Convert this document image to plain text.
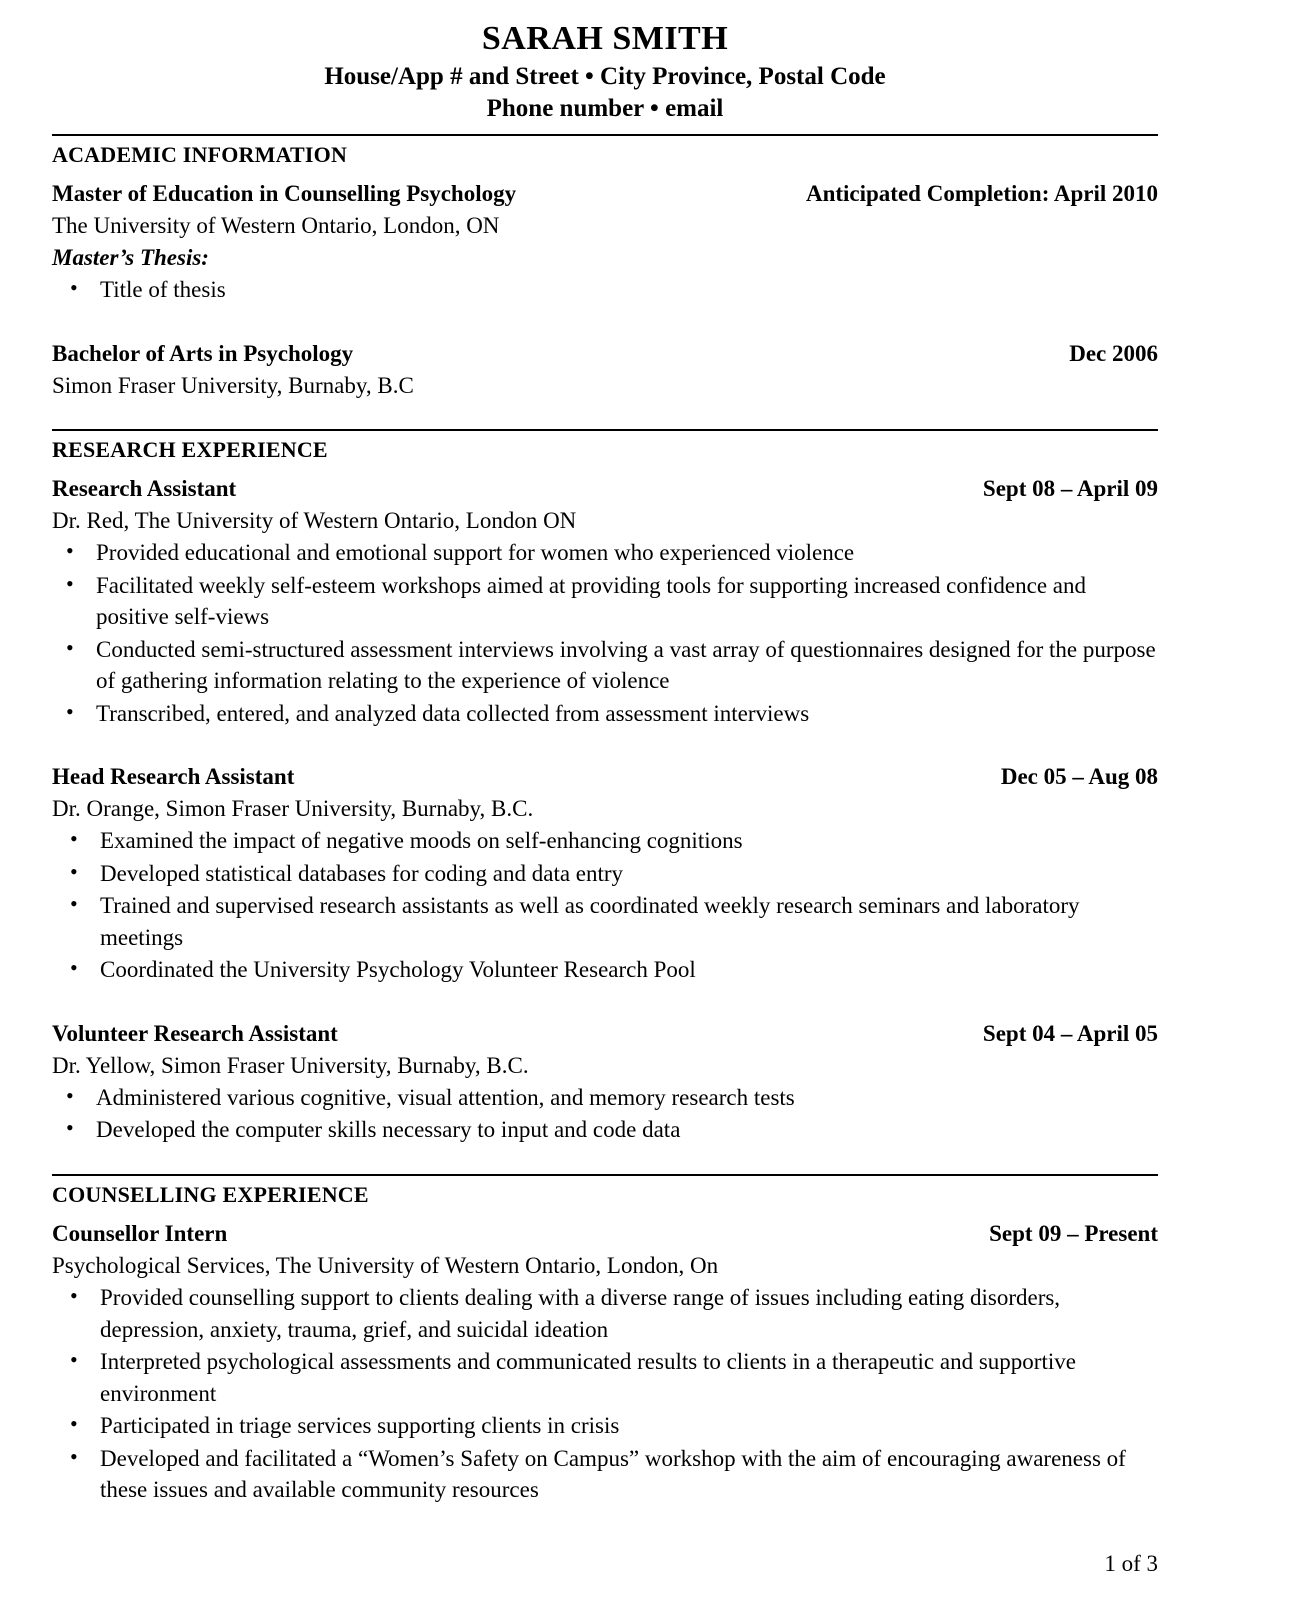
SARAH SMITH
House/App # and Street • City Province, Postal Code
Phone number • email
ACADEMIC INFORMATION
Master of Education in Counselling Psychology	Anticipated Completion: April 2010
The University of Western Ontario, London, ON
Master’s Thesis:
• Title of thesis
Bachelor of Arts in Psychology	Dec 2006
Simon Fraser University, Burnaby, B.C
RESEARCH EXPERIENCE
Research Assistant	Sept 08 – April 09
Dr. Red, The University of Western Ontario, London ON
• Provided educational and emotional support for women who experienced violence
• Facilitated weekly self-esteem workshops aimed at providing tools for supporting increased confidence and positive self-views
• Conducted semi-structured assessment interviews involving a vast array of questionnaires designed for the purpose of gathering information relating to the experience of violence
• Transcribed, entered, and analyzed data collected from assessment interviews
Head Research Assistant	Dec 05 – Aug 08
Dr. Orange, Simon Fraser University, Burnaby, B.C.
• Examined the impact of negative moods on self-enhancing cognitions
• Developed statistical databases for coding and data entry
• Trained and supervised research assistants as well as coordinated weekly research seminars and laboratory meetings
• Coordinated the University Psychology Volunteer Research Pool
Volunteer Research Assistant	Sept 04 – April 05
Dr. Yellow, Simon Fraser University, Burnaby, B.C.
• Administered various cognitive, visual attention, and memory research tests
• Developed the computer skills necessary to input and code data
COUNSELLING EXPERIENCE
Counsellor Intern	Sept 09 – Present
Psychological Services, The University of Western Ontario, London, On
• Provided counselling support to clients dealing with a diverse range of issues including eating disorders, depression, anxiety, trauma, grief, and suicidal ideation
• Interpreted psychological assessments and communicated results to clients in a therapeutic and supportive environment
• Participated in triage services supporting clients in crisis
• Developed and facilitated a “Women’s Safety on Campus” workshop with the aim of encouraging awareness of these issues and available community resources
1 of 3
